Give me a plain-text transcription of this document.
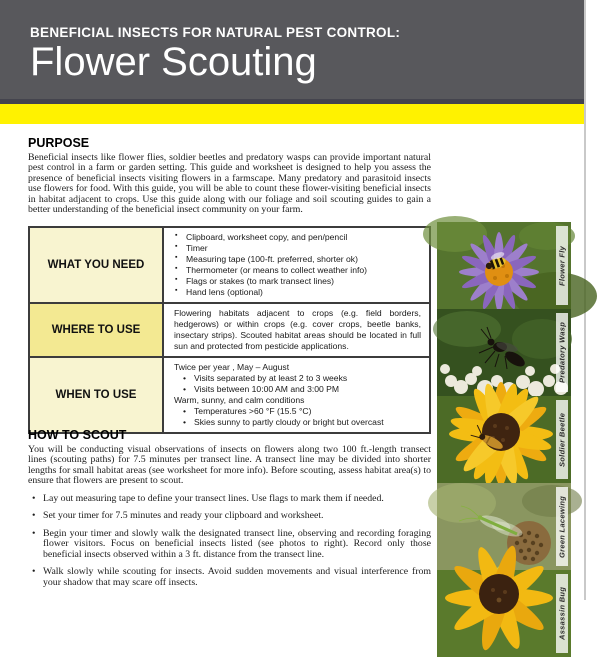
BENEFICIAL INSECTS FOR NATURAL PEST CONTROL:
Flower Scouting
PURPOSE

Beneficial insects like flower flies, soldier beetles and predatory wasps can provide important natural pest control in a farm or garden setting. This guide and worksheet is designed to help you assess the presence of beneficial insects visiting flowers in a farmscape. Many predatory and parasitoid insects use flowers for food. With this guide, you will be able to count these flower-visiting beneficial insects in habitat adjacent to crops. Use this guide along with our foliage and soil scouting guides to gain a better understanding of the beneficial insect community on your farm.

WHAT YOU NEED
▪ Clipboard, worksheet copy, and pen/pencil
▪ Timer
▪ Measuring tape (100-ft. preferred, shorter ok)
▪ Thermometer (or means to collect weather info)
▪ Flags or stakes (to mark transect lines)
▪ Hand lens (optional)
WHERE TO USE
Flowering habitats adjacent to crops (e.g. field borders, hedgerows) or within crops (e.g. cover crops, beetle banks, insectary strips). Scouted habitat areas should be located in full sun and protected from pesticide applications.
WHEN TO USE
Twice per year , May – August
• Visits separated by at least 2 to 3 weeks
• Visits between 10:00 AM and 3:00 PM
Warm, sunny, and calm conditions
• Temperatures >60 °F (15.5 °C)
• Skies sunny to partly cloudy or bright but overcast
HOW TO SCOUT

You will be conducting visual observations of insects on flowers along two 100 ft.-length transect lines (scouting paths) for 7.5 minutes per transect line. A transect line may be divided into shorter lengths for small habitat areas (see worksheet for more info). Before scouting, assess habitat area(s) to ensure that flowers are present to scout.

• Lay out measuring tape to define your transect lines. Use flags to mark them if needed.
• Set your timer for 7.5 minutes and ready your clipboard and worksheet.
• Begin your timer and slowly walk the designated transect line, observing and recording foraging flower visitors. Focus on beneficial insects listed (see photos to right). Record only those beneficial insects observed within a 3 ft. distance from the transect line.
• Walk slowly while scouting for insects. Avoid sudden movements and visual interference from your shadow that may scare off insects.
Flower Fly
Predatory Wasp
Soldier Beetle
Green Lacewing
Assassin Bug
